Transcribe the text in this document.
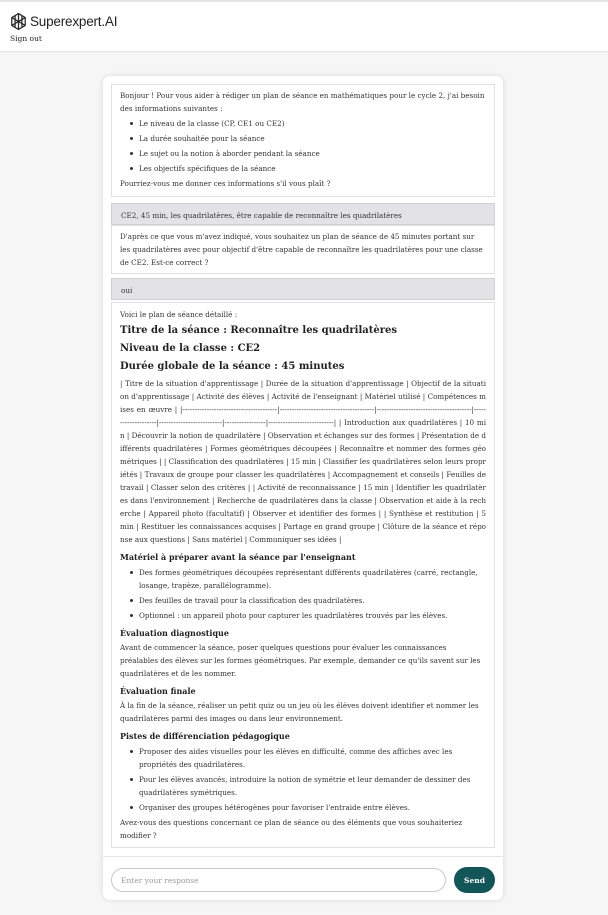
Superexpert.AI
Sign out

Bonjour ! Pour vous aider à rédiger un plan de séance en mathématiques pour le cycle 2, j'ai besoin des informations suivantes :

Le niveau de la classe (CP, CE1 ou CE2)
La durée souhaitée pour la séance
Le sujet ou la notion à aborder pendant la séance
Les objectifs spécifiques de la séance

Pourriez-vous me donner ces informations s'il vous plaît ?

CE2, 45 min, les quadrilatères, être capable de reconnaître les quadrilatères

D'après ce que vous m'avez indiqué, vous souhaitez un plan de séance de 45 minutes portant sur les quadrilatères avec pour objectif d'être capable de reconnaître les quadrilatères pour une classe de CE2. Est-ce correct ?

oui

Voici le plan de séance détaillé :

Titre de la séance : Reconnaître les quadrilatères
Niveau de la classe : CE2
Durée globale de la séance : 45 minutes

| Titre de la situation d'apprentissage | Durée de la situation d'apprentissage | Objectif de la situation d'apprentissage | Activité des élèves | Activité de l'enseignant | Matériel utilisé | Compétences mises en œuvre | |---------------------------------------|---------------------------------------|---------------------------------------|--------------------|--------------------------|-----------------|---------------------------| | Introduction aux quadrilatères | 10 min | Découvrir la notion de quadrilatère | Observation et échanges sur des formes | Présentation de différents quadrilatères | Formes géométriques découpées | Reconnaître et nommer des formes géométriques | | Classification des quadrilatères | 15 min | Classifier les quadrilatères selon leurs propriétés | Travaux de groupe pour classer les quadrilatères | Accompagnement et conseils | Feuilles de travail | Classer selon des critères | | Activité de reconnaissance | 15 min | Identifier les quadrilatères dans l'environnement | Recherche de quadrilatères dans la classe | Observation et aide à la recherche | Appareil photo (facultatif) | Observer et identifier des formes | | Synthèse et restitution | 5 min | Restituer les connaissances acquises | Partage en grand groupe | Clôture de la séance et réponse aux questions | Sans matériel | Communiquer ses idées |

Matériel à préparer avant la séance par l'enseignant
Des formes géométriques découpées représentant différents quadrilatères (carré, rectangle, losange, trapèze, parallélogramme).
Des feuilles de travail pour la classification des quadrilatères.
Optionnel : un appareil photo pour capturer les quadrilatères trouvés par les élèves.
Évaluation diagnostique

Avant de commencer la séance, poser quelques questions pour évaluer les connaissances préalables des élèves sur les formes géométriques. Par exemple, demander ce qu'ils savent sur les quadrilatères et de les nommer.

Évaluation finale

À la fin de la séance, réaliser un petit quiz ou un jeu où les élèves doivent identifier et nommer les quadrilatères parmi des images ou dans leur environnement.

Pistes de différenciation pédagogique
Proposer des aides visuelles pour les élèves en difficulté, comme des affiches avec les propriétés des quadrilatères.
Pour les élèves avancés, introduire la notion de symétrie et leur demander de dessiner des quadrilatères symétriques.
Organiser des groupes hétérogènes pour favoriser l'entraide entre élèves.

Avez-vous des questions concernant ce plan de séance ou des éléments que vous souhaiteriez modifier ?

Enter your response
Send
